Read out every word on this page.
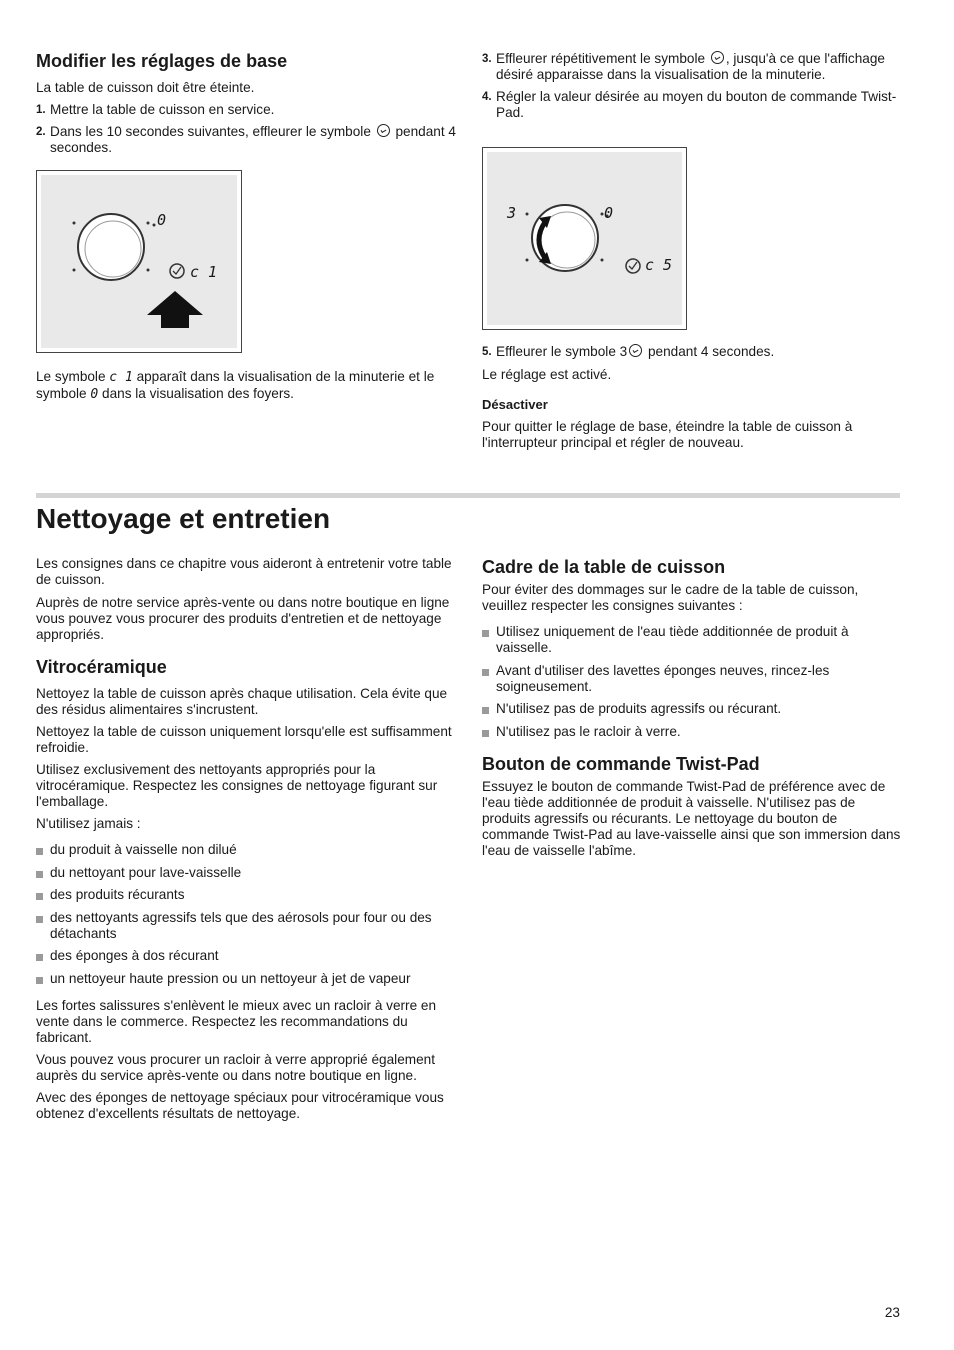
Modifier les réglages de base

La table de cuisson doit être éteinte.

1. Mettre la table de cuisson en service.
2. Dans les 10 secondes suivantes, effleurer le symbole pendant 4 secondes.
0
c 1

Le symbole c 1 apparaît dans la visualisation de la minuterie et le symbole 0 dans la visualisation des foyers.

3. Effleurer répétitivement le symbole , jusqu'à ce que l'affichage désiré apparaisse dans la visualisation de la minuterie.
4. Régler la valeur désirée au moyen du bouton de commande Twist-Pad.
3	0
c 5
5. Effleurer le symbole 3 pendant 4 secondes.

Le réglage est activé.

Désactiver

Pour quitter le réglage de base, éteindre la table de cuisson à l'interrupteur principal et régler de nouveau.

Nettoyage et entretien

Les consignes dans ce chapitre vous aideront à entretenir votre table de cuisson.

Auprès de notre service après-vente ou dans notre boutique en ligne vous pouvez vous procurer des produits d'entretien et de nettoyage appropriés.

Vitrocéramique

Nettoyez la table de cuisson après chaque utilisation. Cela évite que des résidus alimentaires s'incrustent.

Nettoyez la table de cuisson uniquement lorsqu'elle est suffisamment refroidie.

Utilisez exclusivement des nettoyants appropriés pour la vitrocéramique. Respectez les consignes de nettoyage figurant sur l'emballage.

N'utilisez jamais :

du produit à vaisselle non dilué
du nettoyant pour lave-vaisselle
des produits récurants
des nettoyants agressifs tels que des aérosols pour four ou des détachants
des éponges à dos récurant
un nettoyeur haute pression ou un nettoyeur à jet de vapeur

Les fortes salissures s'enlèvent le mieux avec un racloir à verre en vente dans le commerce. Respectez les recommandations du fabricant.

Vous pouvez vous procurer un racloir à verre approprié également auprès du service après-vente ou dans notre boutique en ligne.

Avec des éponges de nettoyage spéciaux pour vitrocéramique vous obtenez d'excellents résultats de nettoyage.

Cadre de la table de cuisson

Pour éviter des dommages sur le cadre de la table de cuisson, veuillez respecter les consignes suivantes :

Utilisez uniquement de l'eau tiède additionnée de produit à vaisselle.
Avant d'utiliser des lavettes éponges neuves, rincez-les soigneusement.
N'utilisez pas de produits agressifs ou récurant.
N'utilisez pas le racloir à verre.
Bouton de commande Twist-Pad

Essuyez le bouton de commande Twist-Pad de préférence avec de l'eau tiède additionnée de produit à vaisselle. N'utilisez pas de produits agressifs ou récurants. Le nettoyage du bouton de commande Twist-Pad au lave-vaisselle ainsi que son immersion dans l'eau de vaisselle l'abîme.

23
